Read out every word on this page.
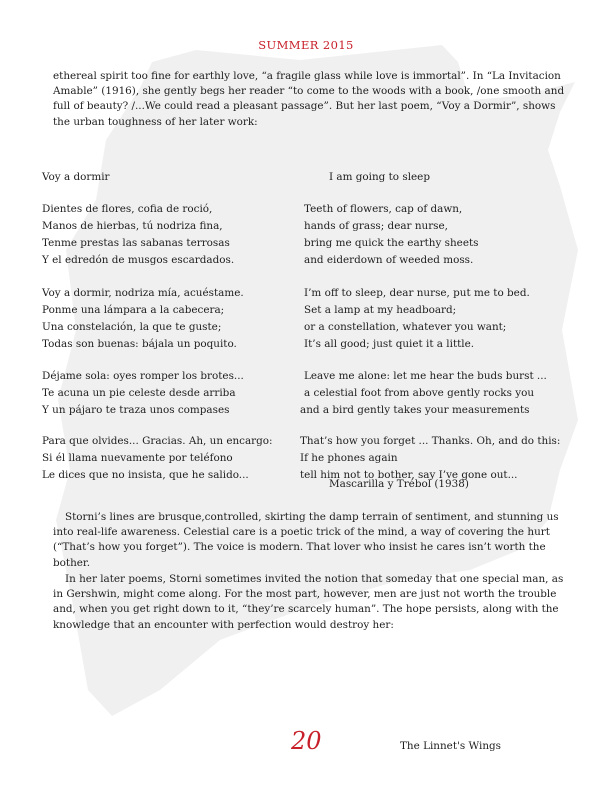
SUMMER 2015

ethereal spirit too fine for earthly love, “a fragile glass while love is immortal”. In “La Invitacion Amable” (1916), she gently begs her reader “to come to the woods with a book, /one smooth and full of beauty? /...We could read a pleasant passage”. But her last poem, “Voy a Dormir”, shows the urban toughness of her later work:

Voy a dormir	I am going to sleep
Dientes de flores, cofia de roció,	Teeth of flowers, cap of dawn,
Manos de hierbas, tú nodriza fina,	hands of grass; dear nurse,
Tenme prestas las sabanas terrosas	bring me quick the earthy sheets
Y el edredón de musgos escardados.	and eiderdown of weeded moss.
Voy a dormir, nodriza mía, acuéstame.	I’m off to sleep, dear nurse, put me to bed.
Ponme una lámpara a la cabecera;	Set a lamp at my headboard;
Una constelación, la que te guste;	or a constellation, whatever you want;
Todas son buenas: bájala un poquito.	It’s all good; just quiet it a little.
Déjame sola: oyes romper los brotes...	Leave me alone: let me hear the buds burst ...
Te acuna un pie celeste desde arriba	a celestial foot from above gently rocks you
Y un pájaro te traza unos compases	and a bird gently takes your measurements
Para que olvides... Gracias. Ah, un encargo:	That’s how you forget ... Thanks. Oh, and do this:
Si él llama nuevamente por teléfono	If he phones again
Le dices que no insista, que he salido...	tell him not to bother, say I’ve gone out...
Mascarilla y Trébol (1938)

Storni’s lines are brusque,controlled, skirting the damp terrain of sentiment, and stunning us into real-life awareness. Celestial care is a poetic trick of the mind, a way of covering the hurt (“That’s how you forget”). The voice is modern. That lover who insist he cares isn’t worth the bother.

In her later poems, Storni sometimes invited the notion that someday that one special man, as in Gershwin, might come along. For the most part, however, men are just not worth the trouble and, when you get right down to it, “they’re scarcely human”. The hope persists, along with the knowledge that an encounter with perfection would destroy her:

20	The Linnet's Wings
